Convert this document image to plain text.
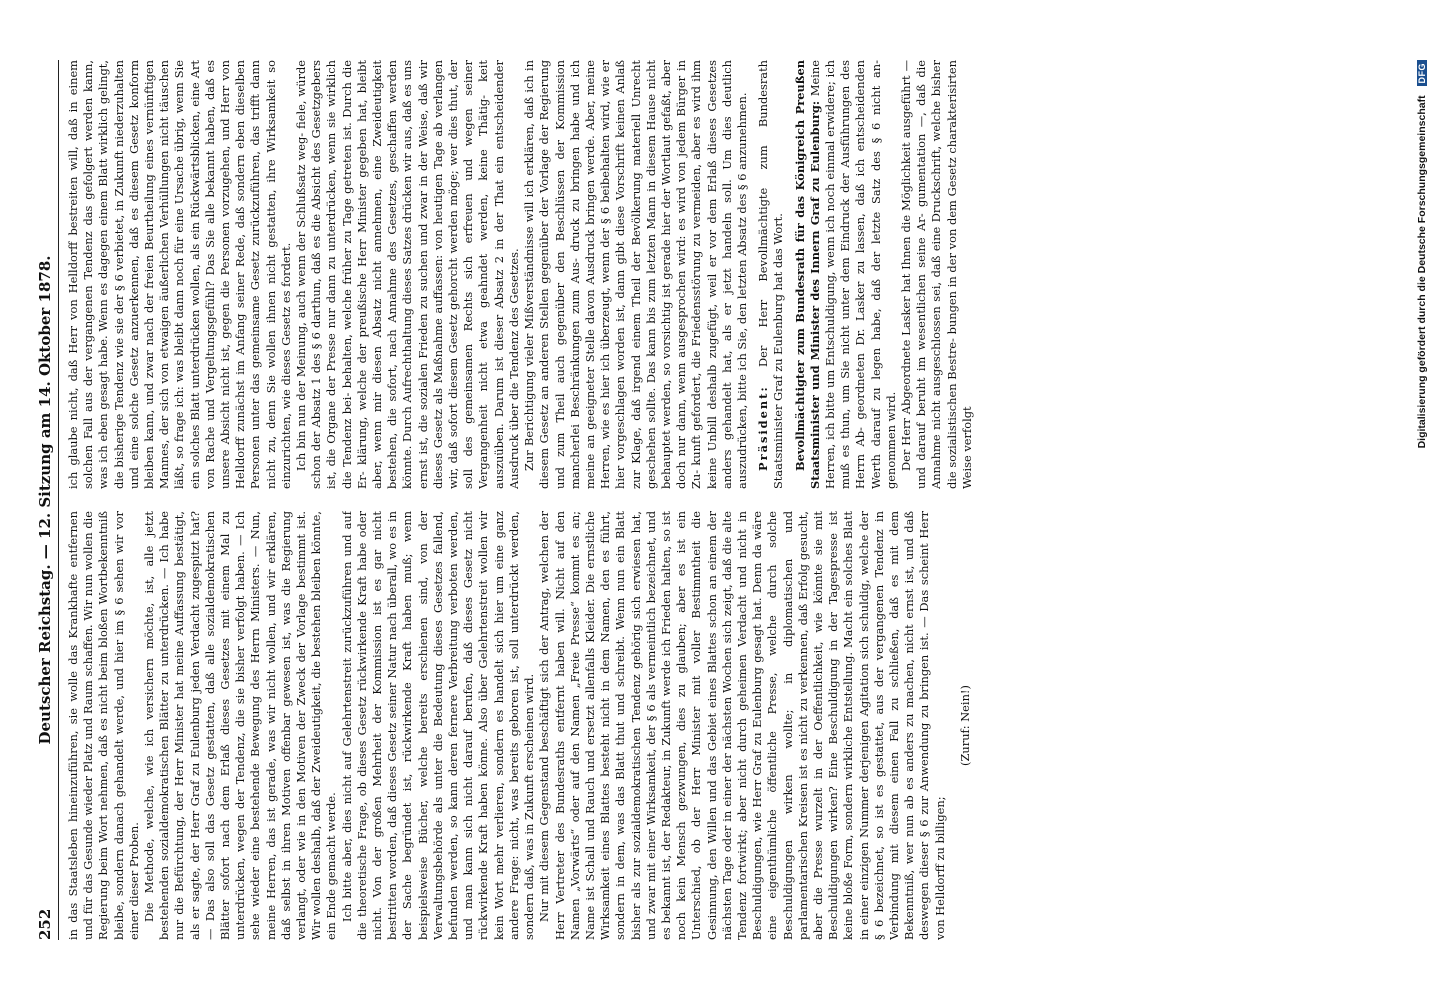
252
Deutscher Reichstag. — 12. Sitzung am 14. Oktober 1878. in das Staatsleben hineinzuführen, sie wolle das Krankhafte entfernen und für das Gesunde wieder Platz und Raum schaffen. Wir nun wollen die Regierung beim Wort nehmen, daß es nicht beim bloßen Wortbekenntniß bleibe, sondern danach gehandelt werde, und hier im § 6 sehen wir vor einer dieser Proben. Die Methode, welche, wie ich versichern möchte, ist, alle jetzt bestehenden sozialdemokratischen Blätter zu unterdrücken. — Ich habe nur die Befürchtung, der Herr Minister hat meine Auffassung bestätigt, als er sagte, der Herr Graf zu Eulenburg jeden Verdacht zugespitzt hat? — Das also soll das Gesetz gestatten, daß alle sozialdemokratischen Blätter sofort nach dem Erlaß dieses Gesetzes mit einem Mal zu unterdrücken, wegen der Tendenz, die sie bisher verfolgt haben. — Ich sehe wieder eine bestehende Bewegung des Herrn Ministers. — Nun, meine Herren, das ist gerade, was wir nicht wollen, und wir erklären, daß selbst in ihren Motiven offenbar gewesen ist, was die Regierung verlangt, oder wie in den Motiven der Zweck der Vorlage bestimmt ist. Wir wollen deshalb, daß der Zweideutigkeit, die bestehen bleiben könnte, ein Ende gemacht werde. Ich bitte aber, dies nicht auf Gelehrtenstreit zurückzuführen und auf die theoretische Frage, ob dieses Gesetz rückwirkende Kraft habe oder nicht. Von der großen Mehrheit der Kommission ist es gar nicht bestritten worden, daß dieses Gesetz seiner Natur nach überall, wo es in der Sache begründet ist, rückwirkende Kraft haben muß; wenn beispielsweise Bücher, welche bereits erschienen sind, von der Verwaltungsbehörde als unter die Bedeutung dieses Gesetzes fallend, befunden werden, so kann deren fernere Verbreitung verboten werden, und man kann sich nicht darauf berufen, daß dieses Gesetz nicht rückwirkende Kraft haben könne. Also über Gelehrtenstreit wollen wir kein Wort mehr verlieren, sondern es handelt sich hier um eine ganz andere Frage: nicht, was bereits geboren ist, soll unterdrückt werden, sondern daß, was in Zukunft erscheinen wird. Nur mit diesem Gegenstand beschäftigt sich der Antrag, welchen der Herr Vertreter des Bundesraths entfernt haben will. Nicht auf den Namen „Vorwärts“ oder auf den Namen „Freie Presse“ kommt es an; Name ist Schall und Rauch und ersetzt allenfalls Kleider. Die ernstliche Wirksamkeit eines Blattes besteht nicht in dem Namen, den es führt, sondern in dem, was das Blatt thut und schreibt. Wenn nun ein Blatt bisher als zur sozialdemokratischen Tendenz gehörig sich erwiesen hat, und zwar mit einer Wirksamkeit, der § 6 als vermeintlich bezeichnet, und es bekannt ist, der Redakteur, in Zukunft werde ich Frieden halten, so ist noch kein Mensch gezwungen, dies zu glauben; aber es ist ein Unterschied, ob der Herr Minister mit voller Bestimmtheit die Gesinnung, den Willen und das Gebiet eines Blattes schon an einem der nächsten Tage oder in einer der nächsten Wochen sich zeigt, daß die alte Tendenz fortwirkt; aber nicht durch geheimen Verdacht und nicht in Beschuldigungen, wie Herr Graf zu Eulenburg gesagt hat. Denn da wäre eine eigenthümliche öffentliche Presse, welche durch solche Beschuldigungen wirken wollte; in diplomatischen und parlamentarischen Kreisen ist es nicht zu verkennen, daß Erfolg gesucht, aber die Presse wurzelt in der Oeffentlichkeit, wie könnte sie mit Beschuldigungen wirken? Eine Beschuldigung in der Tagespresse ist keine bloße Form, sondern wirkliche Entstellung. Macht ein solches Blatt in einer einzigen Nummer derjenigen Agitation sich schuldig, welche der § 6 bezeichnet, so ist es gestattet, aus der vergangenen Tendenz in Verbindung mit diesem einen Fall zu schließen, daß es mit dem Bekenntniß, wer nun ab es anders zu machen, nicht ernst ist, und daß deswegen dieser § 6 zur Anwendung zu bringen ist. — Das scheint Herr von Helldorff zu billigen;

(Zuruf: Nein!)

ich glaube nicht, daß Herr von Helldorff bestreiten will, daß in einem solchen Fall aus der vergangenen Tendenz das gefolgert werden kann, was ich eben gesagt habe. Wenn es dagegen einem Blatt wirklich gelingt, die bisherige Tendenz wie sie der § 6 verbietet, in Zukunft niederzuhalten und eine solche Gesetz anzuerkennen, daß es diesem Gesetz konform bleiben kann, und zwar nach der freien Beurtheilung eines vernünftigen Mannes, der sich von etwaigen äußerlichen Verhüllungen nicht täuschen läßt, so frage ich: was bleibt dann noch für eine Ursache übrig, wenn Sie ein solches Blatt unterdrücken wollen, als ein Rückwärtsblicken, eine Art von Rache und Vergeltungsgefühl? Das Sie alle bekannt haben, daß es unsere Absicht nicht ist, gegen die Personen vorzugehen, und Herr von Helldorff zunächst im Anfang seiner Rede, daß sondern eben dieselben Personen unter das gemeinsame Gesetz zurückzuführen, das trifft dann nicht zu, denn Sie wollen ihnen nicht gestatten, ihre Wirksamkeit so einzurichten, wie dieses Gesetz es fordert. Ich bin nun der Meinung, auch wenn der Schlußsatz weg- fiele, würde schon der Absatz 1 des § 6 darthun, daß es die Absicht des Gesetzgebers ist, die Organe der Presse nur dann zu unterdrücken, wenn sie wirklich die Tendenz bei- behalten, welche früher zu Tage getreten ist. Durch die Er- klärung, welche der preußische Herr Minister gegeben hat, bleibt aber, wenn mir diesen Absatz nicht annehmen, eine Zweideutigkeit bestehen, die sofort, nach Annahme des Gesetzes, geschaffen werden könnte. Durch Aufrechthaltung dieses Satzes drücken wir aus, daß es uns ernst ist, die sozialen Frieden zu suchen und zwar in der Weise, daß wir dieses Gesetz als Maßnahme auffassen: von heutigen Tage ab verlangen wir, daß sofort diesem Gesetz gehorcht werden möge; wer dies thut, der soll des gemeinsamen Rechts sich erfreuen und wegen seiner Vergangenheit nicht etwa geahndet werden, keine Thätig- keit auszuüben. Darum ist dieser Absatz 2 in der That ein entscheidender Ausdruck über die Tendenz des Gesetzes. Zur Berichtigung vieler Mißverständnisse will ich erklären, daß ich in diesem Gesetz an anderen Stellen gegenüber der Vorlage der Regierung und zum Theil auch gegenüber den Beschlüssen der Kommission mancherlei Beschränkungen zum Aus- druck zu bringen habe und ich meine an geeigneter Stelle davon Ausdruck bringen werde. Aber, meine Herren, wie es hier ich überzeugt, wenn der § 6 beibehalten wird, wie er hier vorgeschlagen worden ist, dann gibt diese Vorschrift keinen Anlaß zur Klage, daß irgend einem Theil der Bevölkerung materiell Unrecht geschehen sollte. Das kann bis zum letzten Mann in diesem Hause nicht behauptet werden, so vorsichtig ist gerade hier der Wortlaut gefaßt, aber doch nur dann, wenn ausgesprochen wird: es wird von jedem Bürger in Zu- kunft gefordert, die Friedensstörung zu vermeiden, aber es wird ihm keine Unbill deshalb zugefügt, weil er vor dem Erlaß dieses Gesetzes anders gehandelt hat, als er jetzt handeln soll. Um dies deutlich auszudrücken, bitte ich Sie, den letzten Absatz des § 6 anzunehmen. Präsident: Der Herr Bevollmächtigte zum Bundesrath Staatsminister Graf zu Eulenburg hat das Wort. Bevollmächtigter zum Bundesrath für das Königreich Preußen Staatsminister und Minister des Innern Graf zu Eulenburg: Meine Herren, ich bitte um Entschuldigung, wenn ich noch einmal erwidere; ich muß es thun, um Sie nicht unter dem Eindruck der Ausführungen des Herrn Ab- geordneten Dr. Lasker zu lassen, daß ich entscheidenden Werth darauf zu legen habe, daß der letzte Satz des § 6 nicht an- genommen wird. Der Herr Abgeordnete Lasker hat Ihnen die Möglichkeit ausgeführt — und darauf beruht im wesentlichen seine Ar- gumentation —, daß die Annahme nicht ausgeschlossen sei, daß eine Druckschrift, welche bisher die sozialistischen Bestre- bungen in der von dem Gesetz charakterisirten Weise verfolgt	Digitalisierung gefördert durch die Deutsche Forschungsgemeinschaft DFG
